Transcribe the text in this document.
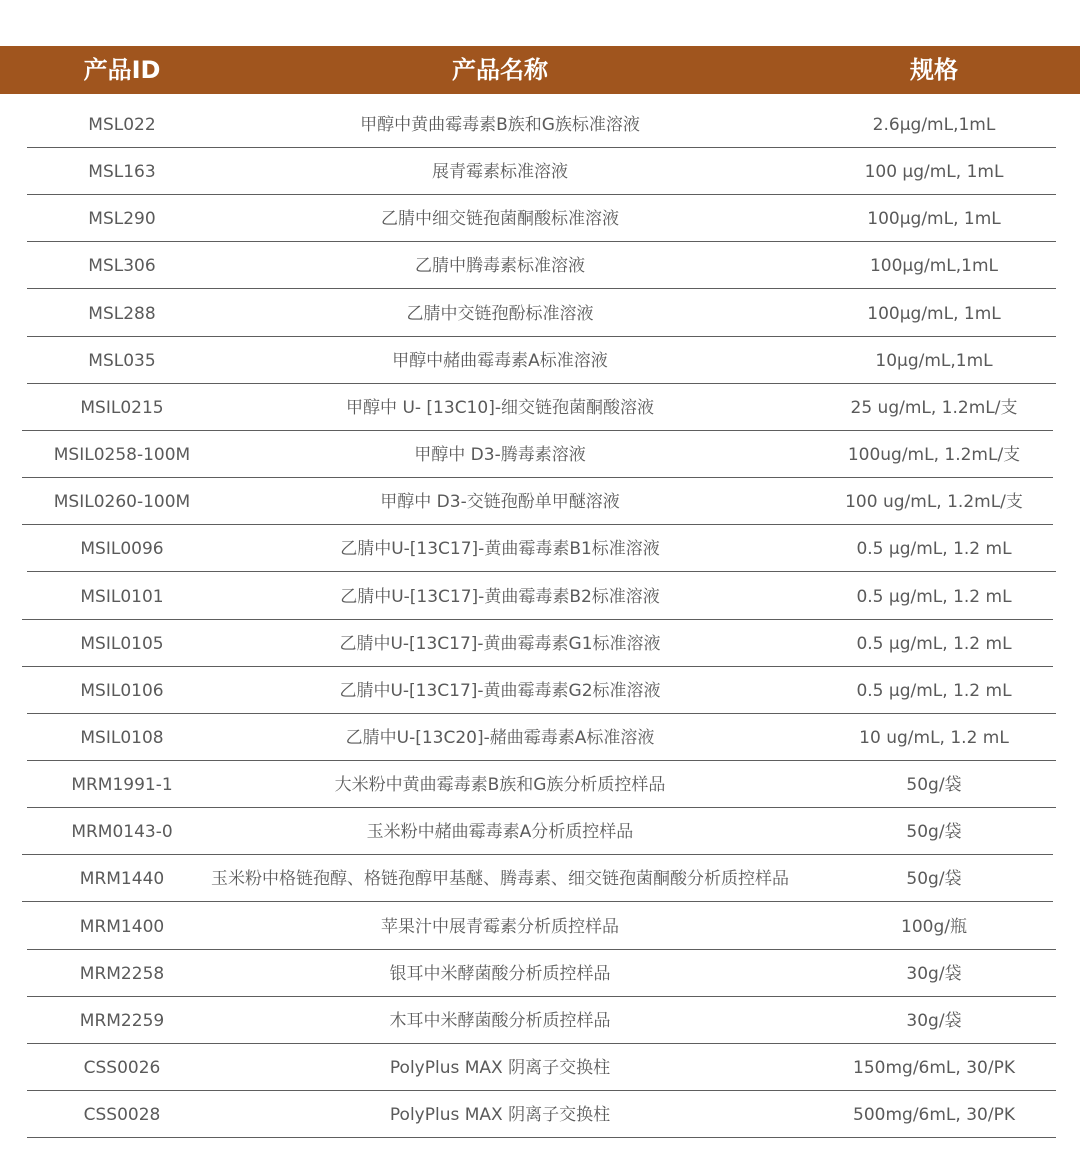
产品ID	产品名称	规格
MSL022	甲醇中黄曲霉毒素B族和G族标准溶液	2.6μg/mL,1mL
MSL163	展青霉素标准溶液	100 μg/mL, 1mL
MSL290	乙腈中细交链孢菌酮酸标准溶液	100μg/mL, 1mL
MSL306	乙腈中腾毒素标准溶液	100μg/mL,1mL
MSL288	乙腈中交链孢酚标准溶液	100μg/mL, 1mL
MSL035	甲醇中赭曲霉毒素A标准溶液	10μg/mL,1mL
MSIL0215	甲醇中 U- [13C10]-细交链孢菌酮酸溶液	25 ug/mL, 1.2mL/支
MSIL0258-100M	甲醇中 D3-腾毒素溶液	100ug/mL, 1.2mL/支
MSIL0260-100M	甲醇中 D3-交链孢酚单甲醚溶液	100 ug/mL, 1.2mL/支
MSIL0096	乙腈中U-[13C17]-黄曲霉毒素B1标准溶液	0.5 μg/mL, 1.2 mL
MSIL0101	乙腈中U-[13C17]-黄曲霉毒素B2标准溶液	0.5 μg/mL, 1.2 mL
MSIL0105	乙腈中U-[13C17]-黄曲霉毒素G1标准溶液	0.5 μg/mL, 1.2 mL
MSIL0106	乙腈中U-[13C17]-黄曲霉毒素G2标准溶液	0.5 μg/mL, 1.2 mL
MSIL0108	乙腈中U-[13C20]-赭曲霉毒素A标准溶液	10 ug/mL, 1.2 mL
MRM1991-1	大米粉中黄曲霉毒素B族和G族分析质控样品	50g/袋
MRM0143-0	玉米粉中赭曲霉毒素A分析质控样品	50g/袋
MRM1440	玉米粉中格链孢醇、格链孢醇甲基醚、腾毒素、细交链孢菌酮酸分析质控样品	50g/袋
MRM1400	苹果汁中展青霉素分析质控样品	100g/瓶
MRM2258	银耳中米酵菌酸分析质控样品	30g/袋
MRM2259	木耳中米酵菌酸分析质控样品	30g/袋
CSS0026	PolyPlus MAX 阴离子交换柱	150mg/6mL, 30/PK
CSS0028	PolyPlus MAX 阴离子交换柱	500mg/6mL, 30/PK
